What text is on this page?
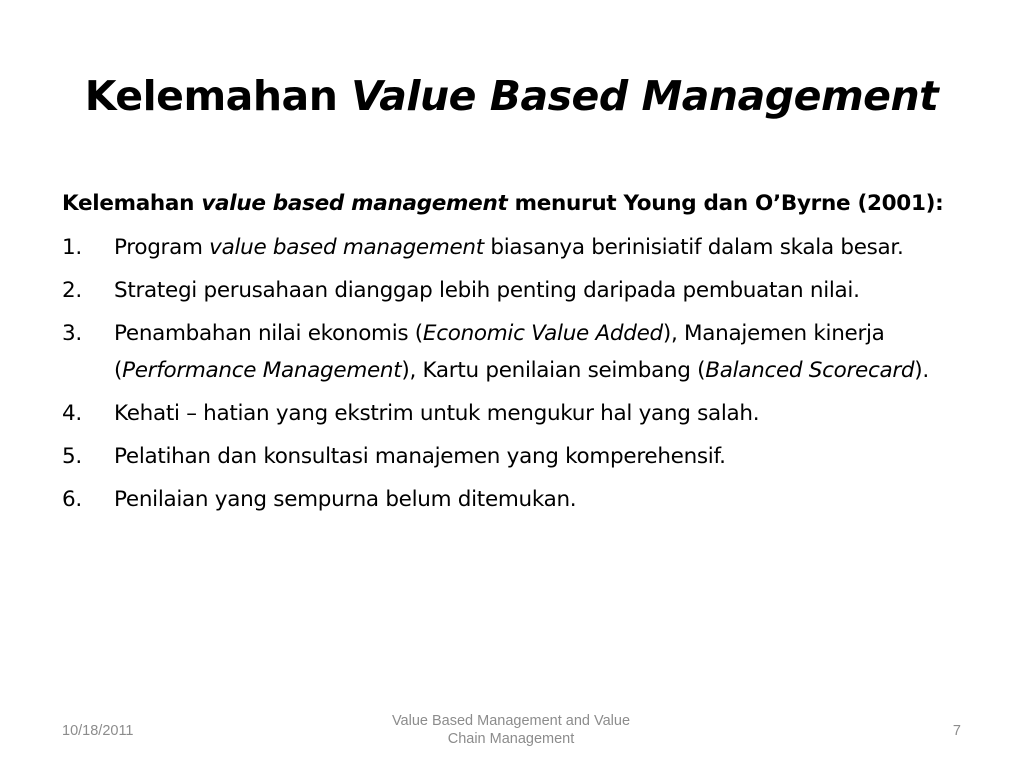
Kelemahan Value Based Management
Kelemahan value based management menurut Young dan O’Byrne (2001):
1. Program value based management biasanya berinisiatif dalam skala besar.
2. Strategi perusahaan dianggap lebih penting daripada pembuatan nilai.
3. Penambahan nilai ekonomis (Economic Value Added), Manajemen kinerja (Performance Management), Kartu penilaian seimbang (Balanced Scorecard).
4. Kehati – hatian yang ekstrim untuk mengukur hal yang salah.
5. Pelatihan dan konsultasi manajemen yang komperehensif.
6. Penilaian yang sempurna belum ditemukan.
10/18/2011
Value Based Management and Value
Chain Management	7
